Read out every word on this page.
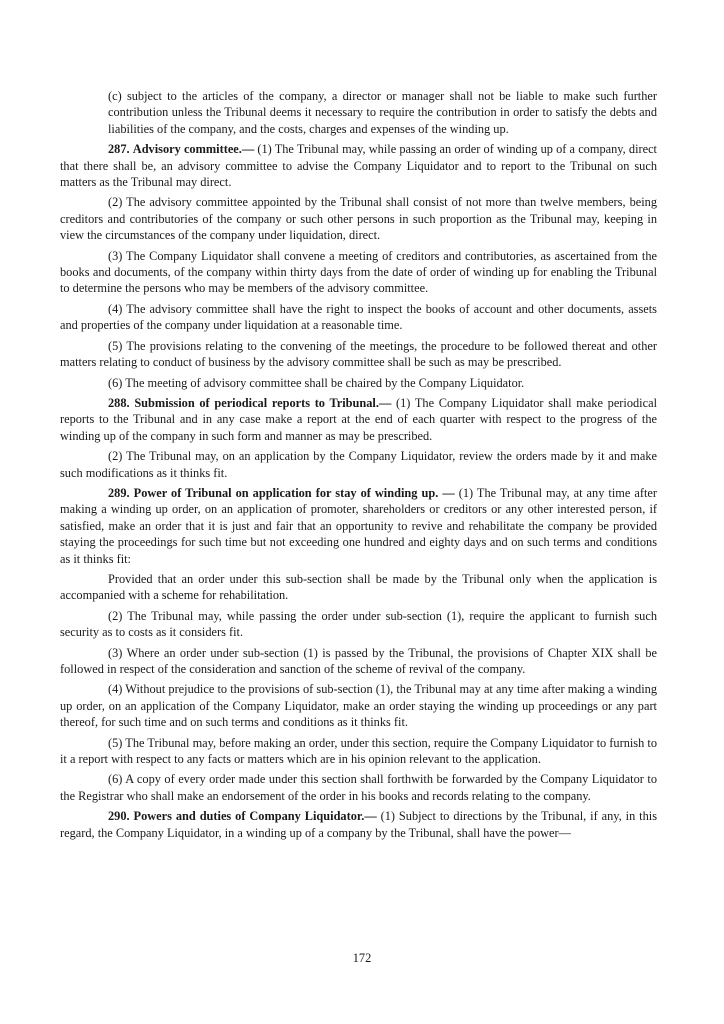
(c) subject to the articles of the company, a director or manager shall not be liable to make such further contribution unless the Tribunal deems it necessary to require the contribution in order to satisfy the debts and liabilities of the company, and the costs, charges and expenses of the winding up.

287. Advisory committee.— (1) The Tribunal may, while passing an order of winding up of a company, direct that there shall be, an advisory committee to advise the Company Liquidator and to report to the Tribunal on such matters as the Tribunal may direct.

(2) The advisory committee appointed by the Tribunal shall consist of not more than twelve members, being creditors and contributories of the company or such other persons in such proportion as the Tribunal may, keeping in view the circumstances of the company under liquidation, direct.

(3) The Company Liquidator shall convene a meeting of creditors and contributories, as ascertained from the books and documents, of the company within thirty days from the date of order of winding up for enabling the Tribunal to determine the persons who may be members of the advisory committee.

(4) The advisory committee shall have the right to inspect the books of account and other documents, assets and properties of the company under liquidation at a reasonable time.

(5) The provisions relating to the convening of the meetings, the procedure to be followed thereat and other matters relating to conduct of business by the advisory committee shall be such as may be prescribed.

(6) The meeting of advisory committee shall be chaired by the Company Liquidator.

288. Submission of periodical reports to Tribunal.— (1) The Company Liquidator shall make periodical reports to the Tribunal and in any case make a report at the end of each quarter with respect to the progress of the winding up of the company in such form and manner as may be prescribed.

(2) The Tribunal may, on an application by the Company Liquidator, review the orders made by it and make such modifications as it thinks fit.

289. Power of Tribunal on application for stay of winding up. — (1) The Tribunal may, at any time after making a winding up order, on an application of promoter, shareholders or creditors or any other interested person, if satisfied, make an order that it is just and fair that an opportunity to revive and rehabilitate the company be provided staying the proceedings for such time but not exceeding one hundred and eighty days and on such terms and conditions as it thinks fit:

Provided that an order under this sub-section shall be made by the Tribunal only when the application is accompanied with a scheme for rehabilitation.

(2) The Tribunal may, while passing the order under sub-section (1), require the applicant to furnish such security as to costs as it considers fit.

(3) Where an order under sub-section (1) is passed by the Tribunal, the provisions of Chapter XIX shall be followed in respect of the consideration and sanction of the scheme of revival of the company.

(4) Without prejudice to the provisions of sub-section (1), the Tribunal may at any time after making a winding up order, on an application of the Company Liquidator, make an order staying the winding up proceedings or any part thereof, for such time and on such terms and conditions as it thinks fit.

(5) The Tribunal may, before making an order, under this section, require the Company Liquidator to furnish to it a report with respect to any facts or matters which are in his opinion relevant to the application.

(6) A copy of every order made under this section shall forthwith be forwarded by the Company Liquidator to the Registrar who shall make an endorsement of the order in his books and records relating to the company.

290. Powers and duties of Company Liquidator.— (1) Subject to directions by the Tribunal, if any, in this regard, the Company Liquidator, in a winding up of a company by the Tribunal, shall have the power—

172
